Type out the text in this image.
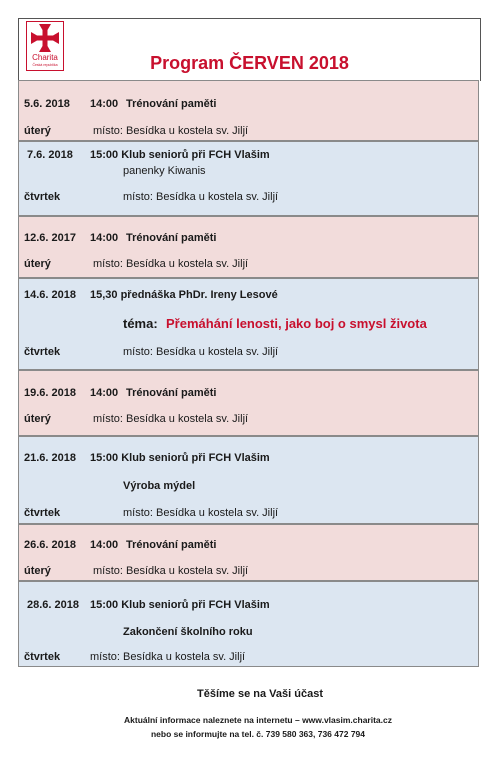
Charita
Česká republika	Program ČERVEN 2018
5.6. 2018 14:00 Trénování paměti
úterý	místo: Besídka u kostela sv. Jiljí
7.6. 2018 15:00 Klub seniorů při FCH Vlašim
panenky Kiwanis
čtvrtek	místo: Besídka u kostela sv. Jiljí
12.6. 2017 14:00 Trénování paměti
úterý	místo: Besídka u kostela sv. Jiljí
14.6. 2018 15,30 přednáška PhDr. Ireny Lesové
téma: Přemáhání lenosti, jako boj o smysl života
čtvrtek	místo: Besídka u kostela sv. Jiljí
19.6. 2018 14:00 Trénování paměti
úterý	místo: Besídka u kostela sv. Jiljí
21.6. 2018 15:00 Klub seniorů při FCH Vlašim
Výroba mýdel
čtvrtek	místo: Besídka u kostela sv. Jiljí
26.6. 2018 14:00 Trénování paměti
úterý	místo: Besídka u kostela sv. Jiljí
28.6. 2018 15:00 Klub seniorů při FCH Vlašim
Zakončení školního roku
čtvrtek	místo: Besídka u kostela sv. Jiljí
Těšíme se na Vaši účast
Aktuální informace naleznete na internetu – www.vlasim.charita.cz
nebo se informujte na tel. č. 739 580 363, 736 472 794
